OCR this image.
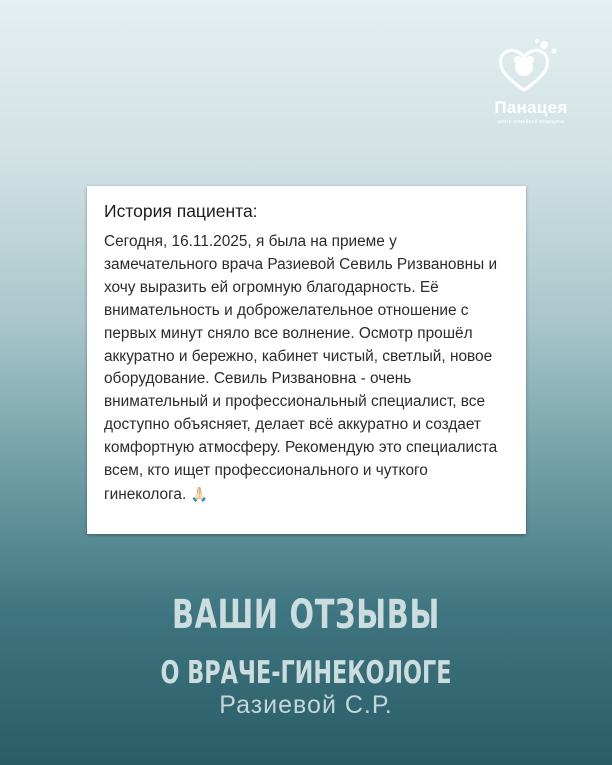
Панацея
центр семейной медицины

История пациента:

Сегодня, 16.11.2025, я была на приеме у замечательного врача Разиевой Севиль Ризвановны и хочу выразить ей огромную благодарность. Её внимательность и доброжелательное отношение с первых минут сняло все волнение. Осмотр прошёл аккуратно и бережно, кабинет чистый, светлый, новое оборудование. Севиль Ризвановна - очень внимательный и профессиональный специалист, все доступно объясняет, делает всё аккуратно и создает комфортную атмосферу. Рекомендую это специалиста всем, кто ищет профессионального и чуткого гинеколога. 🙏🏻

ВАШИ ОТЗЫВЫ
О ВРАЧЕ-ГИНЕКОЛОГЕ
Разиевой С.Р.
